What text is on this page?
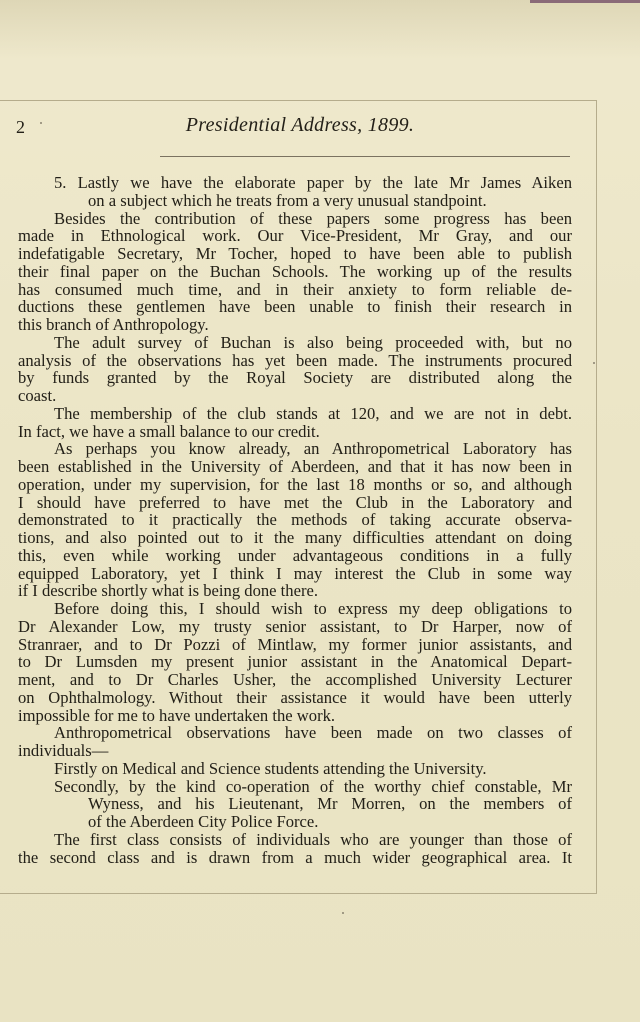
2	Presidential Address, 1899.
5. Lastly we have the elaborate paper by the late Mr James Aiken
on a subject which he treats from a very unusual standpoint.
Besides the contribution of these papers some progress has been
made in Ethnological work. Our Vice-President, Mr Gray, and our
indefatigable Secretary, Mr Tocher, hoped to have been able to publish
their final paper on the Buchan Schools. The working up of the results
has consumed much time, and in their anxiety to form reliable de-
ductions these gentlemen have been unable to finish their research in
this branch of Anthropology.
The adult survey of Buchan is also being proceeded with, but no
analysis of the observations has yet been made. The instruments procured
by funds granted by the Royal Society are distributed along the
coast.
The membership of the club stands at 120, and we are not in debt.
In fact, we have a small balance to our credit.
As perhaps you know already, an Anthropometrical Laboratory has
been established in the University of Aberdeen, and that it has now been in
operation, under my supervision, for the last 18 months or so, and although
I should have preferred to have met the Club in the Laboratory and
demonstrated to it practically the methods of taking accurate observa-
tions, and also pointed out to it the many difficulties attendant on doing
this, even while working under advantageous conditions in a fully
equipped Laboratory, yet I think I may interest the Club in some way
if I describe shortly what is being done there.
Before doing this, I should wish to express my deep obligations to
Dr Alexander Low, my trusty senior assistant, to Dr Harper, now of
Stranraer, and to Dr Pozzi of Mintlaw, my former junior assistants, and
to Dr Lumsden my present junior assistant in the Anatomical Depart-
ment, and to Dr Charles Usher, the accomplished University Lecturer
on Ophthalmology. Without their assistance it would have been utterly
impossible for me to have undertaken the work.
Anthropometrical observations have been made on two classes of
individuals—
Firstly on Medical and Science students attending the University.
Secondly, by the kind co-operation of the worthy chief constable, Mr
Wyness, and his Lieutenant, Mr Morren, on the members of
of the Aberdeen City Police Force.
The first class consists of individuals who are younger than those of
the second class and is drawn from a much wider geographical area. It
